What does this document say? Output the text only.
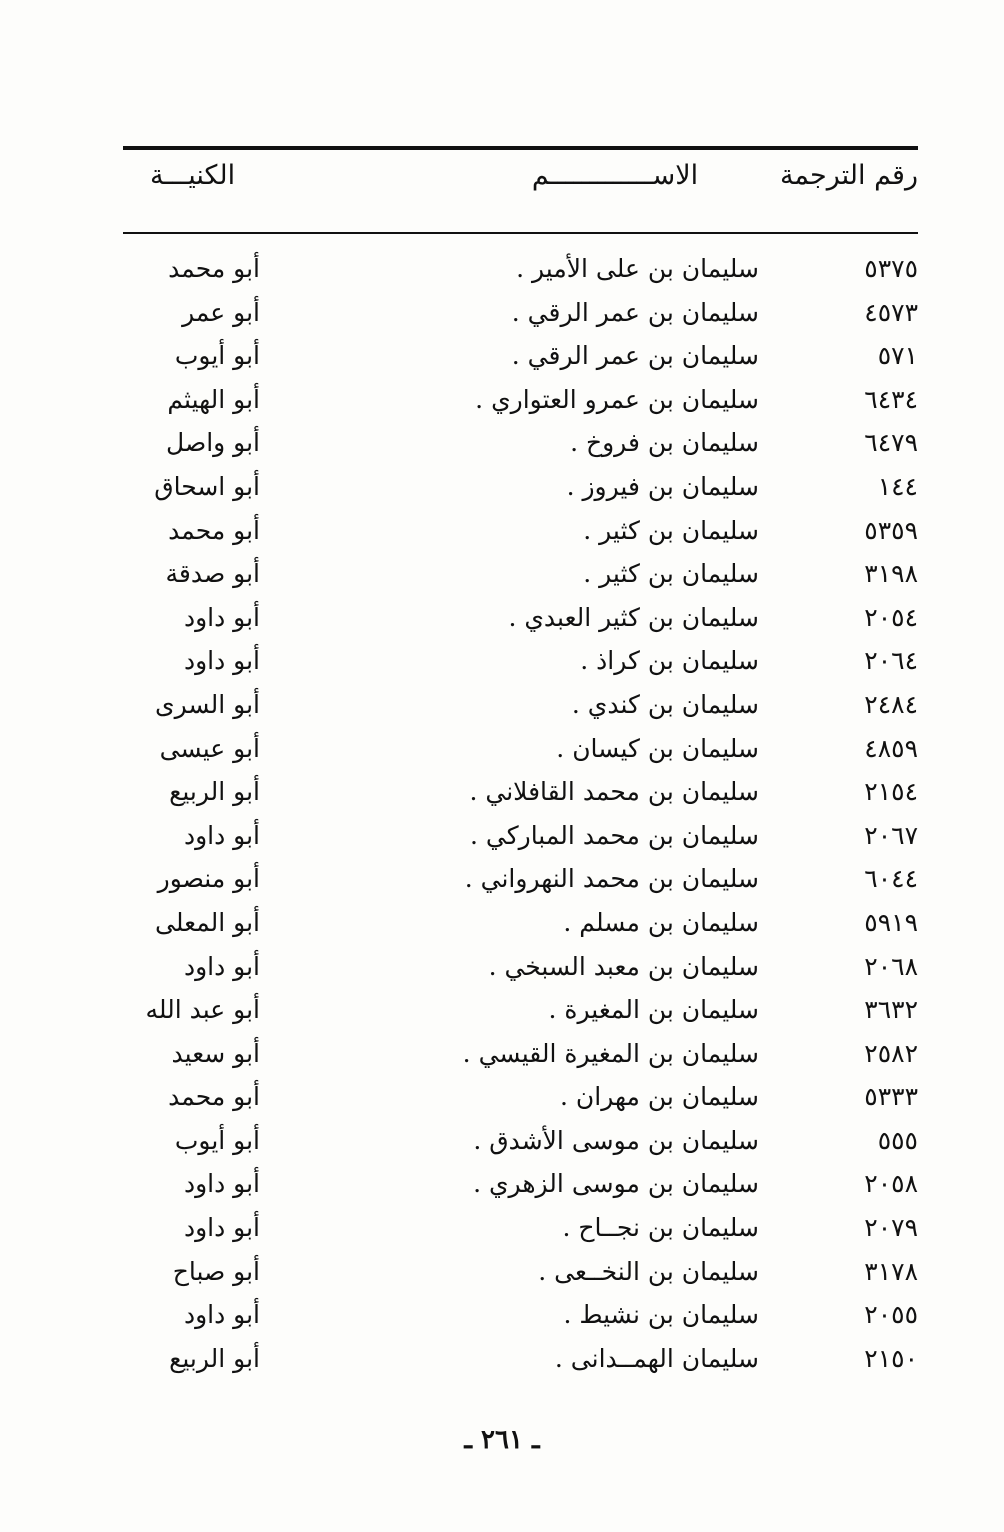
رقم الترجمة
الاســـــــــــــم
الكنيـــة
٥٣٧٥
سليمان بن على الأمير .
أبو محمد
٤٥٧٣
سليمان بن عمر الرقي .
أبو عمر
٥٧١
سليمان بن عمر الرقي .
أبو أيوب
٦٤٣٤
سليمان بن عمرو العتواري .
أبو الهيثم
٦٤٧٩
سليمان بن فروخ .
أبو واصل
١٤٤
سليمان بن فيروز .
أبو اسحاق
٥٣٥٩
سليمان بن كثير .
أبو محمد
٣١٩٨
سليمان بن كثير .
أبو صدقة
٢٠٥٤
سليمان بن كثير العبدي .
أبو داود
٢٠٦٤
سليمان بن كراذ .
أبو داود
٢٤٨٤
سليمان بن كندي .
أبو السرى
٤٨٥٩
سليمان بن كيسان .
أبو عيسى
٢١٥٤
سليمان بن محمد القافلاني .
أبو الربيع
٢٠٦٧
سليمان بن محمد المباركي .
أبو داود
٦٠٤٤
سليمان بن محمد النهرواني .
أبو منصور
٥٩١٩
سليمان بن مسلم .
أبو المعلى
٢٠٦٨
سليمان بن معبد السبخي .
أبو داود
٣٦٣٢
سليمان بن المغيرة .
أبو عبد الله
٢٥٨٢
سليمان بن المغيرة القيسي .
أبو سعيد
٥٣٣٣
سليمان بن مهران .
أبو محمد
٥٥٥
سليمان بن موسى الأشدق .
أبو أيوب
٢٠٥٨
سليمان بن موسى الزهري .
أبو داود
٢٠٧٩
سليمان بن نجــاح .
أبو داود
٣١٧٨
سليمان بن النخــعى .
أبو صباح
٢٠٥٥
سليمان بن نشيط .
أبو داود
٢١٥٠
سليمان الهمــدانى .
أبو الربيع
ـ ٢٦١ ـ
